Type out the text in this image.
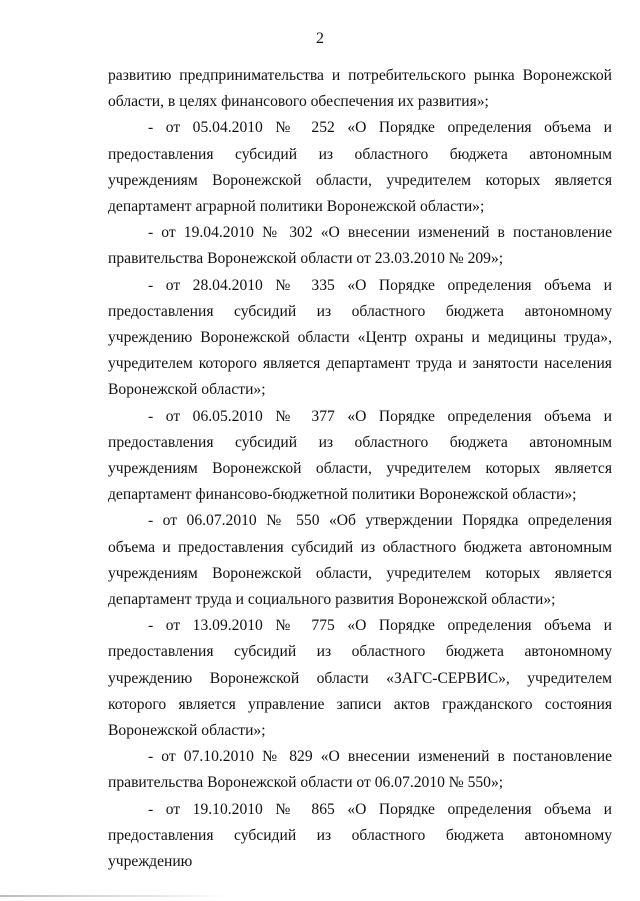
2

развитию предпринимательства и потребительского рынка Воронежской области, в целях финансового обеспечения их развития»;

- от 05.04.2010 № 252 «О Порядке определения объема и предоставления субсидий из областного бюджета автономным учреждениям Воронежской области, учредителем которых является департамент аграрной политики Воронежской области»;

- от 19.04.2010 № 302 «О внесении изменений в постановление правительства Воронежской области от 23.03.2010 № 209»;

- от 28.04.2010 № 335 «О Порядке определения объема и предоставления субсидий из областного бюджета автономному учреждению Воронежской области «Центр охраны и медицины труда», учредителем которого является департамент труда и занятости населения Воронежской области»;

- от 06.05.2010 № 377 «О Порядке определения объема и предоставления субсидий из областного бюджета автономным учреждениям Воронежской области, учредителем которых является департамент финансово-бюджетной политики Воронежской области»;

- от 06.07.2010 № 550 «Об утверждении Порядка определения объема и предоставления субсидий из областного бюджета автономным учреждениям Воронежской области, учредителем которых является департамент труда и социального развития Воронежской области»;

- от 13.09.2010 № 775 «О Порядке определения объема и предоставления субсидий из областного бюджета автономному учреждению Воронежской области «ЗАГС-СЕРВИС», учредителем которого является управление записи актов гражданского состояния Воронежской области»;

- от 07.10.2010 № 829 «О внесении изменений в постановление правительства Воронежской области от 06.07.2010 № 550»;

- от 19.10.2010 № 865 «О Порядке определения объема и предоставления субсидий из областного бюджета автономному учреждению
